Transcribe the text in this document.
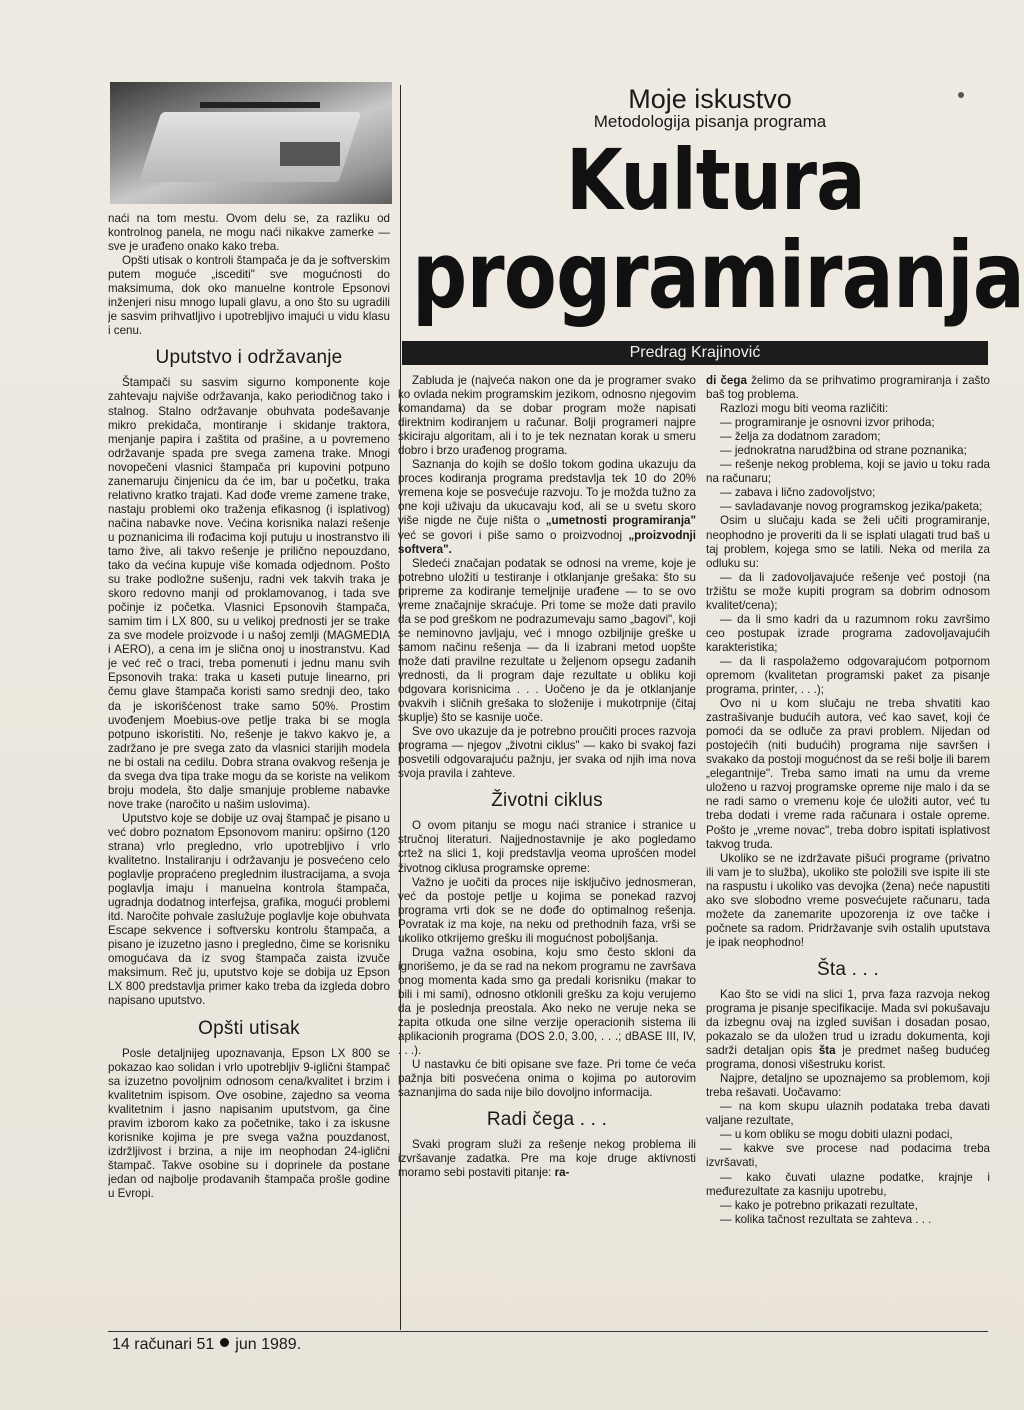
Moje iskustvo
Metodologija pisanja programa
Kultura
programiranja
Predrag Krajinović

naći na tom mestu. Ovom delu se, za razliku od kontrolnog panela, ne mogu naći nikakve zamerke — sve je urađeno onako kako treba.

Opšti utisak o kontroli štampača je da je softverskim putem moguće „iscediti" sve mogućnosti do maksimuma, dok oko manuelne kontrole Epsonovi inženjeri nisu mnogo lupali glavu, a ono što su ugradili je sasvim prihvatljivo i upotrebljivo imajući u vidu klasu i cenu.

Uputstvo i održavanje

Štampači su sasvim sigurno komponente koje zahtevaju najviše održavanja, kako periodičnog tako i stalnog. Stalno održavanje obuhvata podešavanje mikro prekidača, montiranje i skidanje traktora, menjanje papira i zaštita od prašine, a u povremeno održavanje spada pre svega zamena trake. Mnogi novopečeni vlasnici štampača pri kupovini potpuno zanemaruju činjenicu da će im, bar u početku, traka relativno kratko trajati. Kad dođe vreme zamene trake, nastaju problemi oko traženja efikasnog (i isplativog) načina nabavke nove. Većina korisnika nalazi rešenje u poznanicima ili rođacima koji putuju u inostranstvo ili tamo žive, ali takvo rešenje je prilično nepouzdano, tako da većina kupuje više komada odjednom. Pošto su trake podložne sušenju, radni vek takvih traka je skoro redovno manji od proklamovanog, i tada sve počinje iz početka. Vlasnici Epsonovih štampača, samim tim i LX 800, su u velikoj prednosti jer se trake za sve modele proizvode i u našoj zemlji (MAGMEDIA i AERO), a cena im je slična onoj u inostranstvu. Kad je već reč o traci, treba pomenuti i jednu manu svih Epsonovih traka: traka u kaseti putuje linearno, pri čemu glave štampača koristi samo srednji deo, tako da je iskorišćenost trake samo 50%. Prostim uvođenjem Moebius-ove petlje traka bi se mogla potpuno iskoristiti. No, rešenje je takvo kakvo je, a zadržano je pre svega zato da vlasnici starijih modela ne bi ostali na cedilu. Dobra strana ovakvog rešenja je da svega dva tipa trake mogu da se koriste na velikom broju modela, što dalje smanjuje probleme nabavke nove trake (naročito u našim uslovima).

Uputstvo koje se dobije uz ovaj štampač je pisano u već dobro poznatom Epsonovom maniru: opširno (120 strana) vrlo pregledno, vrlo upotrebljivo i vrlo kvalitetno. Instaliranju i održavanju je posvećeno celo poglavlje propraćeno preglednim ilustracijama, a svoja poglavlja imaju i manuelna kontrola štampača, ugradnja dodatnog interfejsa, grafika, mogući problemi itd. Naročite pohvale zaslužuje poglavlje koje obuhvata Escape sekvence i softversku kontrolu štampača, a pisano je izuzetno jasno i pregledno, čime se korisniku omogućava da iz svog štampača zaista izvuče maksimum. Reč ju, uputstvo koje se dobija uz Epson LX 800 predstavlja primer kako treba da izgleda dobro napisano uputstvo.

Opšti utisak

Posle detaljnijeg upoznavanja, Epson LX 800 se pokazao kao solidan i vrlo upotrebljiv 9-iglični štampač sa izuzetno povoljnim odnosom cena/kvalitet i brzim i kvalitetnim ispisom. Ove osobine, zajedno sa veoma kvalitetnim i jasno napisanim uputstvom, ga čine pravim izborom kako za početnike, tako i za iskusne korisnike kojima je pre svega važna pouzdanost, izdržljivost i brzina, a nije im neophodan 24-iglični štampač. Takve osobine su i doprinele da postane jedan od najbolje prodavanih štampača prošle godine u Evropi.

Zabluda je (najveća nakon one da je programer svako ko ovlada nekim programskim jezikom, odnosno njegovim komandama) da se dobar program može napisati direktnim kodiranjem u računar. Bolji programeri najpre skiciraju algoritam, ali i to je tek neznatan korak u smeru dobro i brzo urađenog programa.

Saznanja do kojih se došlo tokom godina ukazuju da proces kodiranja programa predstavlja tek 10 do 20% vremena koje se posvećuje razvoju. To je možda tužno za one koji uživaju da ukucavaju kod, ali se u svetu skoro više nigde ne čuje ništa o „umetnosti programiranja" već se govori i piše samo o proizvodnoj „proizvodnji softvera".

Sledeći značajan podatak se odnosi na vreme, koje je potrebno uložiti u testiranje i otklanjanje grešaka: što su pripreme za kodiranje temeljnije urađene — to se ovo vreme značajnije skraćuje. Pri tome se može dati pravilo da se pod greškom ne podrazumevaju samo „bagovi", koji se neminovno javljaju, već i mnogo ozbiljnije greške u samom načinu rešenja — da li izabrani metod uopšte može dati pravilne rezultate u željenom opsegu zadanih vrednosti, da li program daje rezultate u obliku koji odgovara korisnicima . . . Uočeno je da je otklanjanje ovakvih i sličnih grešaka to složenije i mukotrpnije (čitaj skuplje) što se kasnije uoče.

Sve ovo ukazuje da je potrebno proučiti proces razvoja programa — njegov „životni ciklus" — kako bi svakoj fazi posvetili odgovarajuću pažnju, jer svaka od njih ima nova svoja pravila i zahteve.

Životni ciklus

O ovom pitanju se mogu naći stranice i stranice u stručnoj literaturi. Najjednostavnije je ako pogledamo crtež na slici 1, koji predstavlja veoma uprošćen model životnog ciklusa programske opreme:

Važno je uočiti da proces nije isključivo jednosmeran, već da postoje petlje u kojima se ponekad razvoj programa vrti dok se ne dođe do optimalnog rešenja. Povratak iz ma koje, na neku od prethodnih faza, vrši se ukoliko otkrijemo grešku ili mogućnost poboljšanja.

Druga važna osobina, koju smo često skloni da ignorišemo, je da se rad na nekom programu ne završava onog momenta kada smo ga predali korisniku (makar to bili i mi sami), odnosno otklonili grešku za koju verujemo da je poslednja preostala. Ako neko ne veruje neka se zapita otkuda one silne verzije operacionih sistema ili aplikacionih programa (DOS 2.0, 3.00, . . .; dBASE III, IV, . . .).

U nastavku će biti opisane sve faze. Pri tome će veća pažnja biti posvećena onima o kojima po autorovim saznanjima do sada nije bilo dovoljno informacija.

Radi čega . . .

Svaki program služi za rešenje nekog problema ili izvršavanje zadatka. Pre ma koje druge aktivnosti moramo sebi postaviti pitanje: ra-

di čega želimo da se prihvatimo programiranja i zašto baš tog problema.

Razlozi mogu biti veoma različiti:

— programiranje je osnovni izvor prihoda;

— želja za dodatnom zaradom;

— jednokratna narudžbina od strane poznanika;

— rešenje nekog problema, koji se javio u toku rada na računaru;

— zabava i lično zadovoljstvo;

— savladavanje novog programskog jezika/paketa;

Osim u slučaju kada se želi učiti programiranje, neophodno je proveriti da li se isplati ulagati trud baš u taj problem, kojega smo se latili. Neka od merila za odluku su:

— da li zadovoljavajuće rešenje već postoji (na tržištu se može kupiti program sa dobrim odnosom kvalitet/cena);

— da li smo kadri da u razumnom roku završimo ceo postupak izrade programa zadovoljavajućih karakteristika;

— da li raspolažemo odgovarajućom potpornom opremom (kvalitetan programski paket za pisanje programa, printer, . . .);

Ovo ni u kom slučaju ne treba shvatiti kao zastrašivanje budućih autora, već kao savet, koji će pomoći da se odluče za pravi problem. Nijedan od postojećih (niti budućih) programa nije savršen i svakako da postoji mogućnost da se reši bolje ili barem „elegantnije". Treba samo imati na umu da vreme uloženo u razvoj programske opreme nije malo i da se ne radi samo o vremenu koje će uložiti autor, već tu treba dodati i vreme rada računara i ostale opreme. Pošto je „vreme novac", treba dobro ispitati isplativost takvog truda.

Ukoliko se ne izdržavate pišući programe (privatno ili vam je to služba), ukoliko ste položili sve ispite ili ste na raspustu i ukoliko vas devojka (žena) neće napustiti ako sve slobodno vreme posvećujete računaru, tada možete da zanemarite upozorenja iz ove tačke i počnete sa radom. Pridržavanje svih ostalih uputstava je ipak neophodno!

Šta . . .

Kao što se vidi na slici 1, prva faza razvoja nekog programa je pisanje specifikacije. Mada svi pokušavaju da izbegnu ovaj na izgled suvišan i dosadan posao, pokazalo se da uložen trud u izradu dokumenta, koji sadrži detaljan opis šta je predmet našeg budućeg programa, donosi višestruku korist.

Najpre, detaljno se upoznajemo sa problemom, koji treba rešavati. Uočavamo:

— na kom skupu ulaznih podataka treba davati valjane rezultate,

— u kom obliku se mogu dobiti ulazni podaci,

— kakve sve procese nad podacima treba izvršavati,

— kako čuvati ulazne podatke, krajnje i međurezultate za kasniju upotrebu,

— kako je potrebno prikazati rezultate,

— kolika tačnost rezultata se zahteva . . .

14 računari 51 jun 1989.
